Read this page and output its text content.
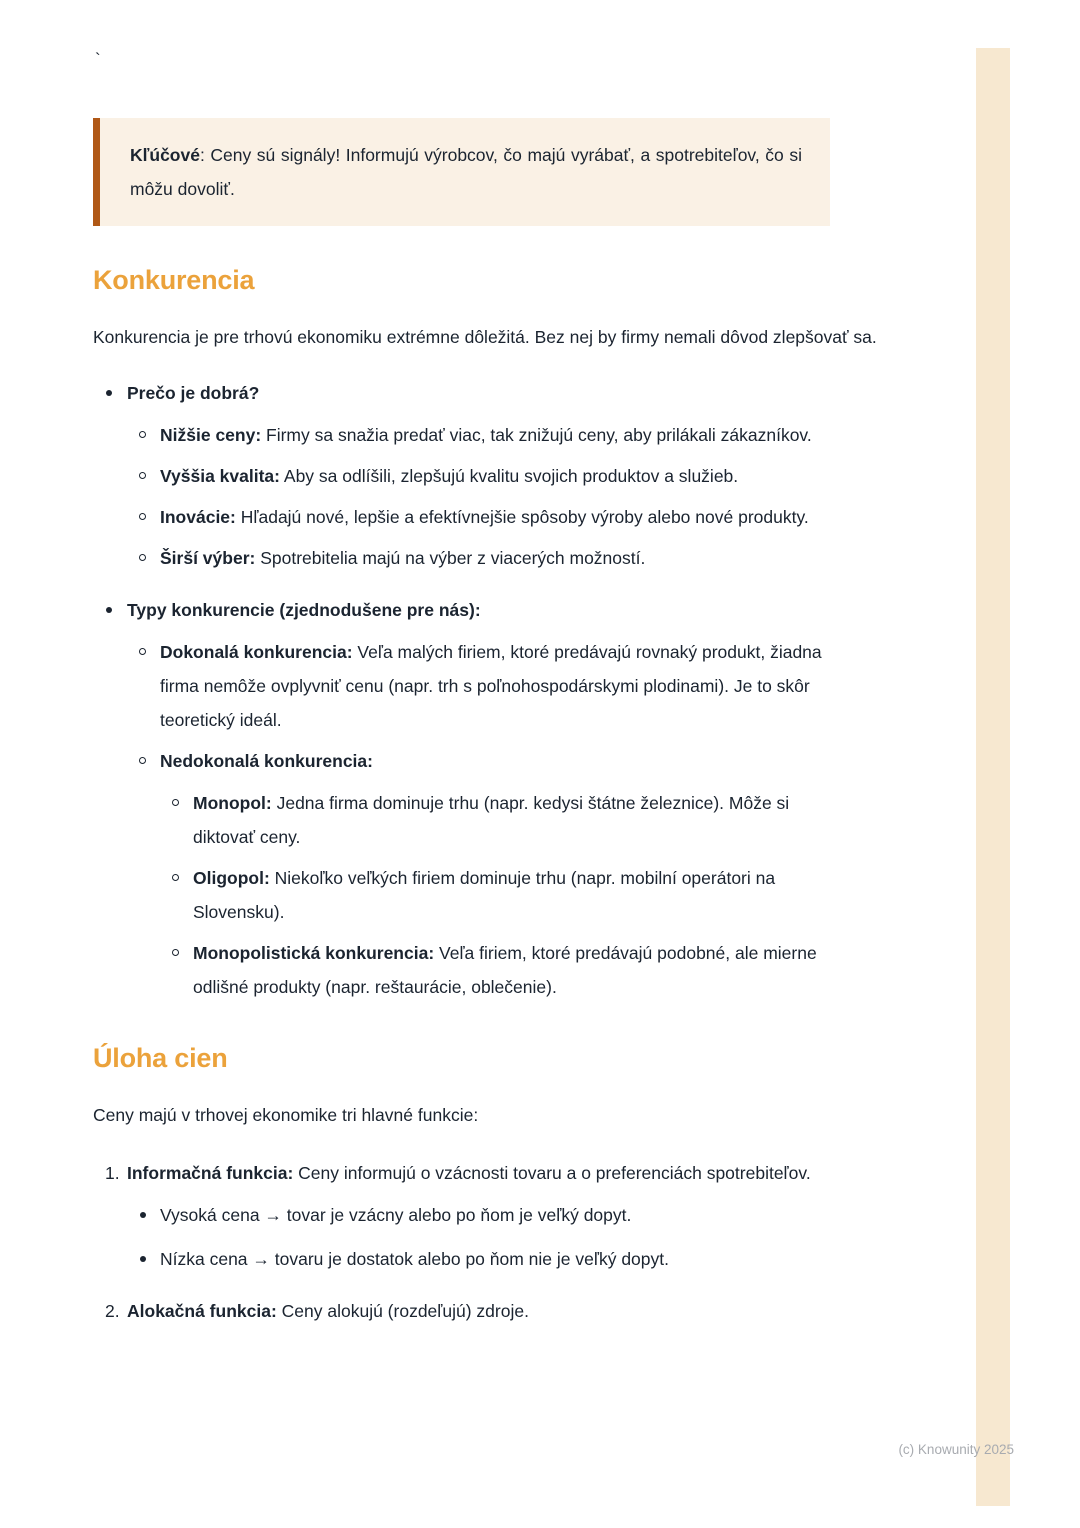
`

Kľúčové: Ceny sú signály! Informujú výrobcov, čo majú vyrábať, a spotrebiteľov, čo si môžu dovoliť.

Konkurencia

Konkurencia je pre trhovú ekonomiku extrémne dôležitá. Bez nej by firmy nemali dôvod zlepšovať sa.

Prečo je dobrá?
Nižšie ceny: Firmy sa snažia predať viac, tak znižujú ceny, aby prilákali zákazníkov.
Vyššia kvalita: Aby sa odlíšili, zlepšujú kvalitu svojich produktov a služieb.
Inovácie: Hľadajú nové, lepšie a efektívnejšie spôsoby výroby alebo nové produkty.
Širší výber: Spotrebitelia majú na výber z viacerých možností.
Typy konkurencie (zjednodušene pre nás):
Dokonalá konkurencia: Veľa malých firiem, ktoré predávajú rovnaký produkt, žiadna firma nemôže ovplyvniť cenu (napr. trh s poľnohospodárskymi plodinami). Je to skôr teoretický ideál.
Nedokonalá konkurencia:
Monopol: Jedna firma dominuje trhu (napr. kedysi štátne železnice). Môže si diktovať ceny.
Oligopol: Niekoľko veľkých firiem dominuje trhu (napr. mobilní operátori na Slovensku).
Monopolistická konkurencia: Veľa firiem, ktoré predávajú podobné, ale mierne odlišné produkty (napr. reštaurácie, oblečenie).
Úloha cien

Ceny majú v trhovej ekonomike tri hlavné funkcie:

1. Informačná funkcia: Ceny informujú o vzácnosti tovaru a o preferenciách spotrebiteľov.
Vysoká cena → tovar je vzácny alebo po ňom je veľký dopyt.
Nízka cena → tovaru je dostatok alebo po ňom nie je veľký dopyt.
2. Alokačná funkcia: Ceny alokujú (rozdeľujú) zdroje.
(c) Knowunity 2025
